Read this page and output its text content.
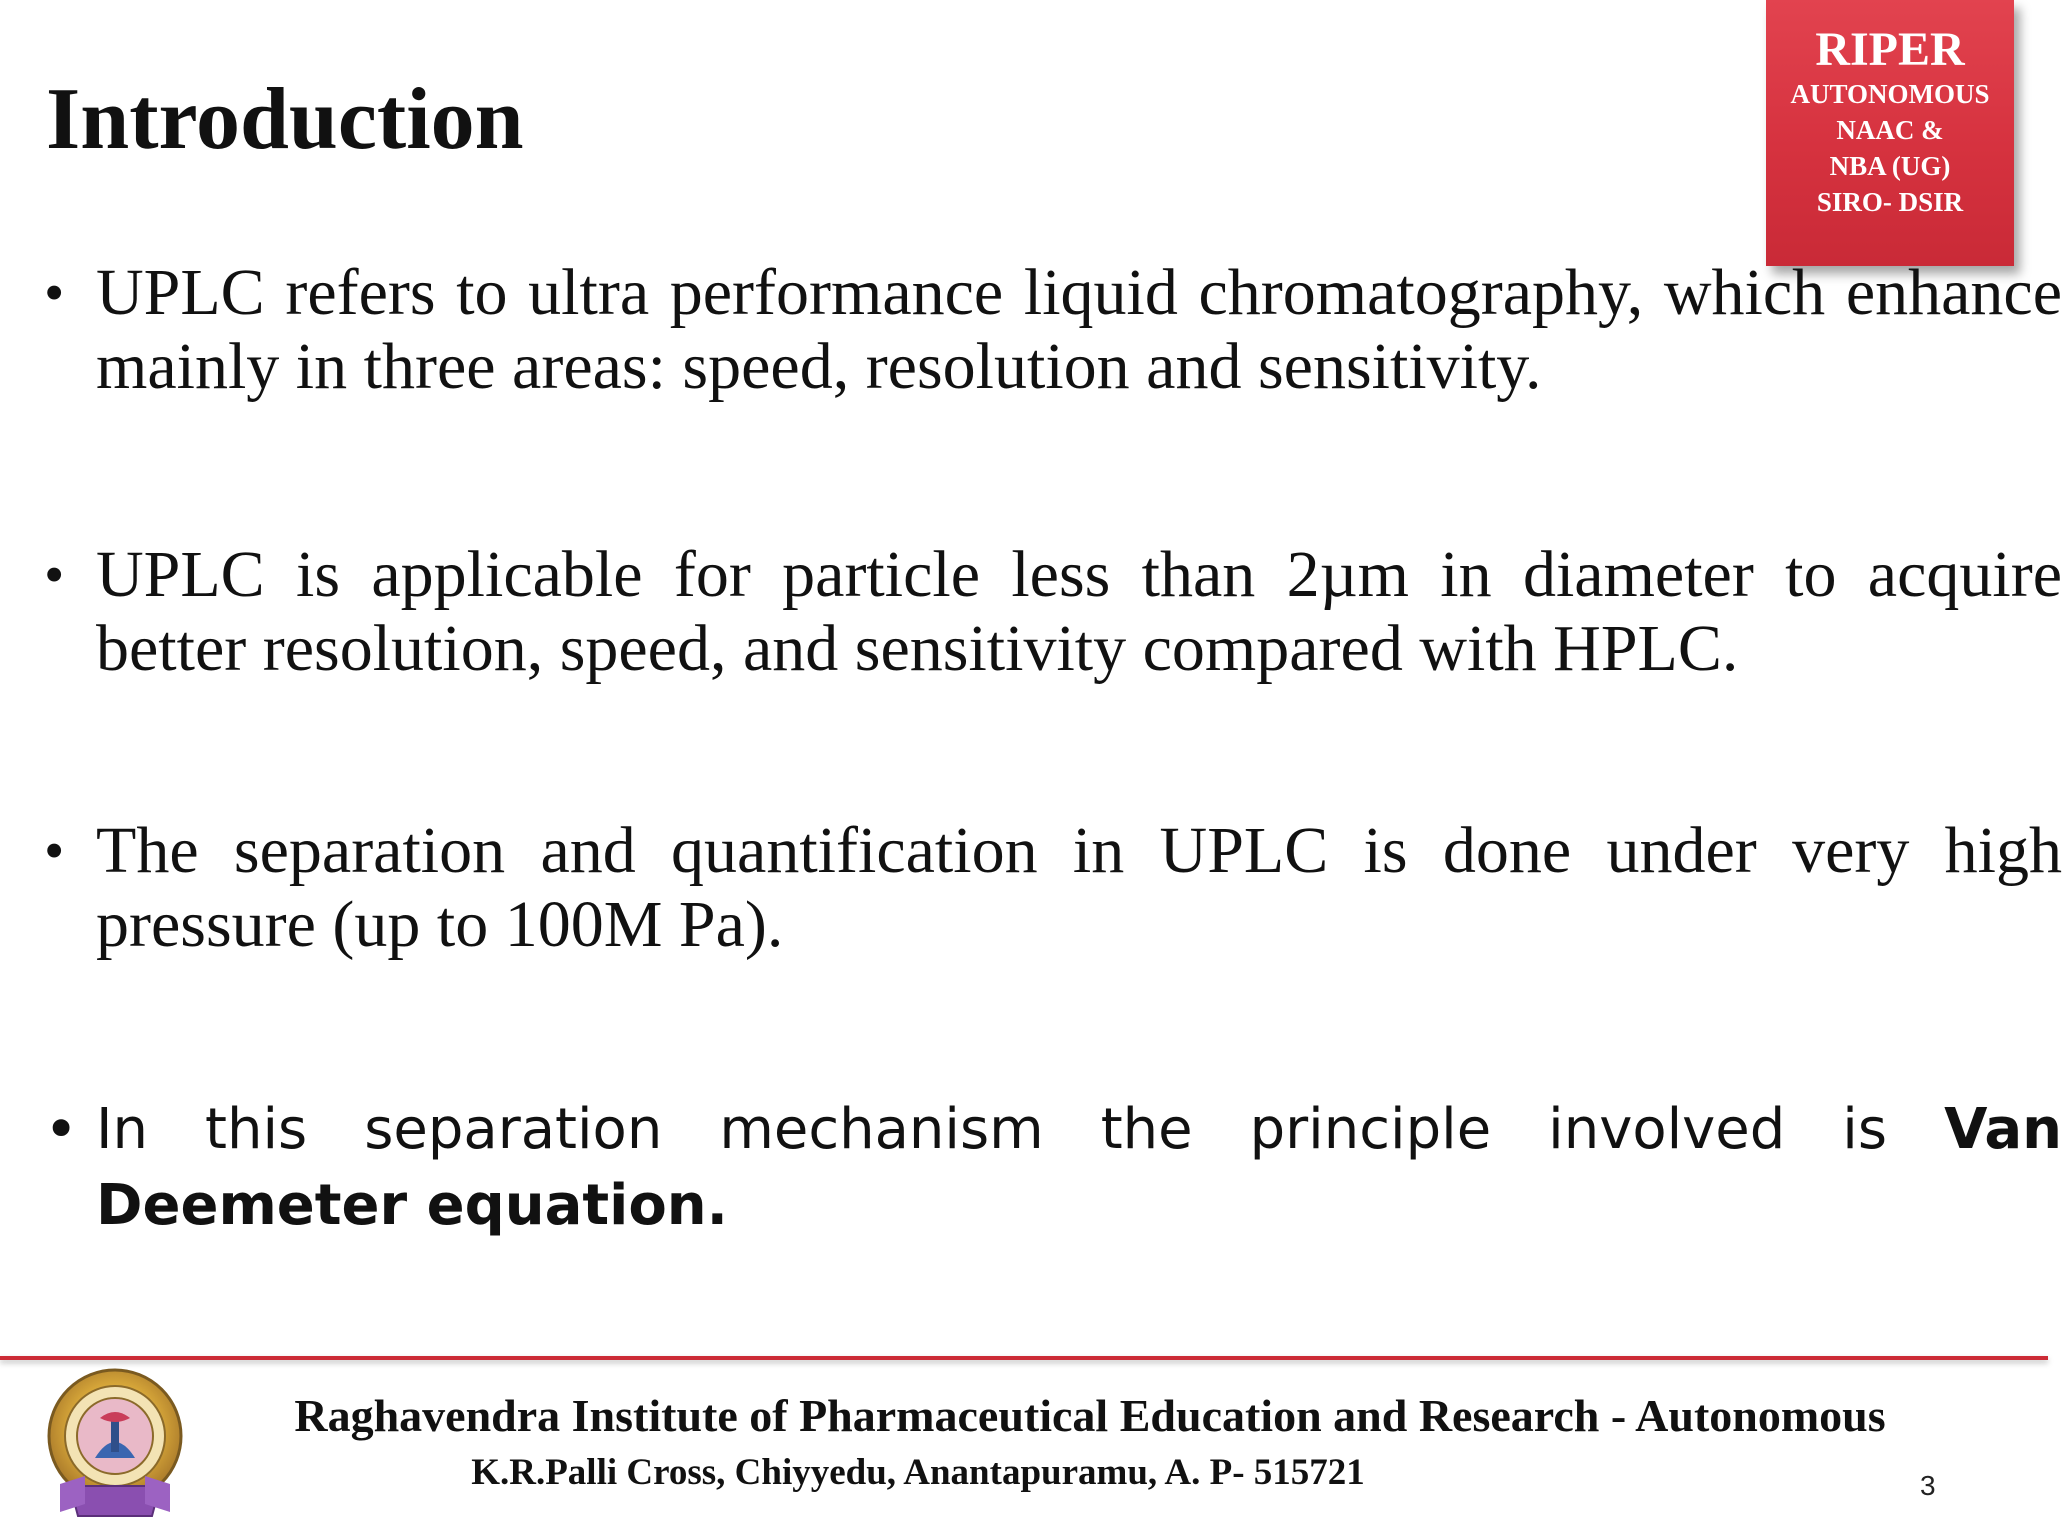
Introduction
RIPER
AUTONOMOUS
NAAC &
NBA (UG)
SIRO- DSIR
• UPLC refers to ultra performance liquid chromatography, which enhance mainly in three areas: speed, resolution and sensitivity.
• UPLC is applicable for particle less than 2µm in diameter to acquire better resolution, speed, and sensitivity compared with HPLC.
• The separation and quantification in UPLC is done under very high pressure (up to 100M Pa).
• In this separation mechanism the principle involved is Van Deemeter equation.
Raghavendra Institute of Pharmaceutical Education and Research - Autonomous
K.R.Palli Cross, Chiyyedu, Anantapuramu, A. P- 515721	3
